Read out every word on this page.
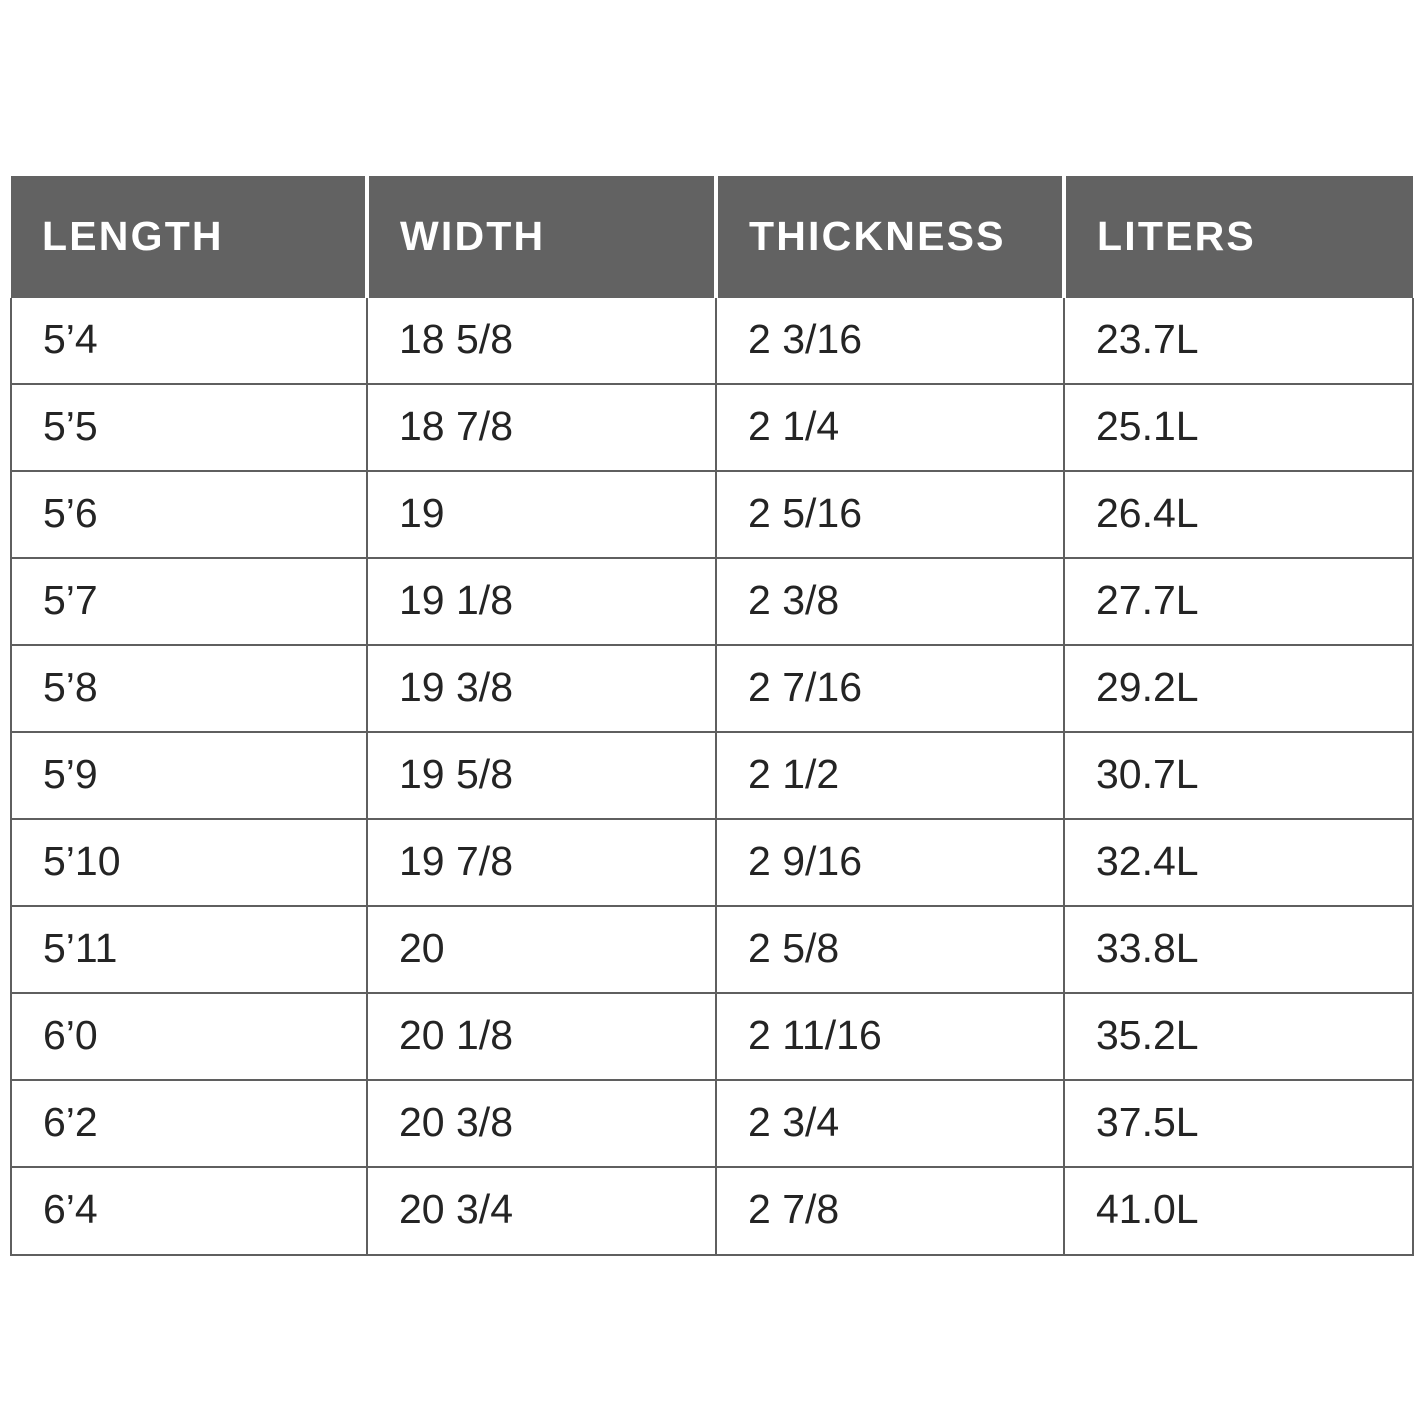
LENGTH	WIDTH	THICKNESS	LITERS
5’4	18 5/8	2 3/16	23.7L
5’5	18 7/8	2 1/4	25.1L
5’6	19	2 5/16	26.4L
5’7	19 1/8	2 3/8	27.7L
5’8	19 3/8	2 7/16	29.2L
5’9	19 5/8	2 1/2	30.7L
5’10	19 7/8	2 9/16	32.4L
5’11	20	2 5/8	33.8L
6’0	20 1/8	2 11/16	35.2L
6’2	20 3/8	2 3/4	37.5L
6’4	20 3/4	2 7/8	41.0L
